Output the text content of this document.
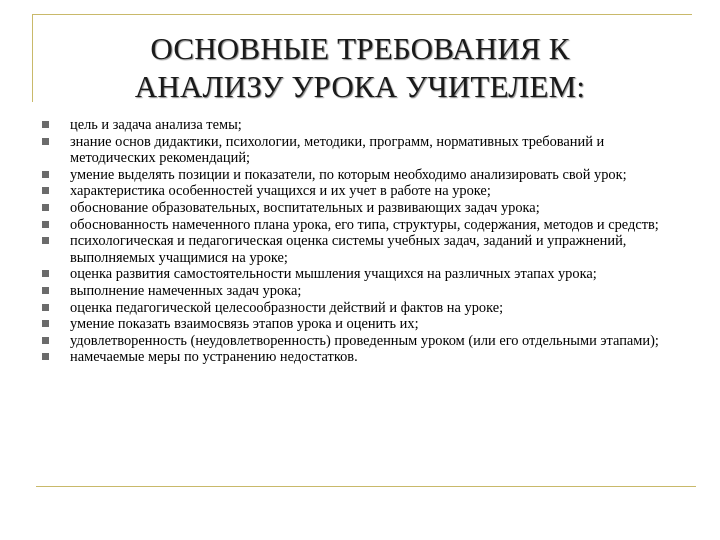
ОСНОВНЫЕ ТРЕБОВАНИЯ К
АНАЛИЗУ УРОКА УЧИТЕЛЕМ:
цель и задача анализа темы;
знание основ дидактики, психологии, методики, программ, нормативных требований и методических рекомендаций;
умение выделять позиции и показатели, по которым необходимо анализировать свой урок;
характеристика особенностей учащихся и их учет в работе на уроке;
обоснование образовательных, воспитательных и развивающих задач урока;
обоснованность намеченного плана урока, его типа, структуры, содержания, методов и средств;
психологическая и педагогическая оценка системы учебных задач, заданий и упражнений, выполняемых учащимися на уроке;
оценка развития самостоятельности мышления учащихся на различных этапах урока;
выполнение намеченных задач урока;
оценка педагогической целесообразности действий и фактов на уроке;
умение показать взаимосвязь этапов урока и оценить их;
удовлетворенность (неудовлетворенность) проведенным уроком (или его отдельными этапами);
намечаемые меры по устранению недостатков.
